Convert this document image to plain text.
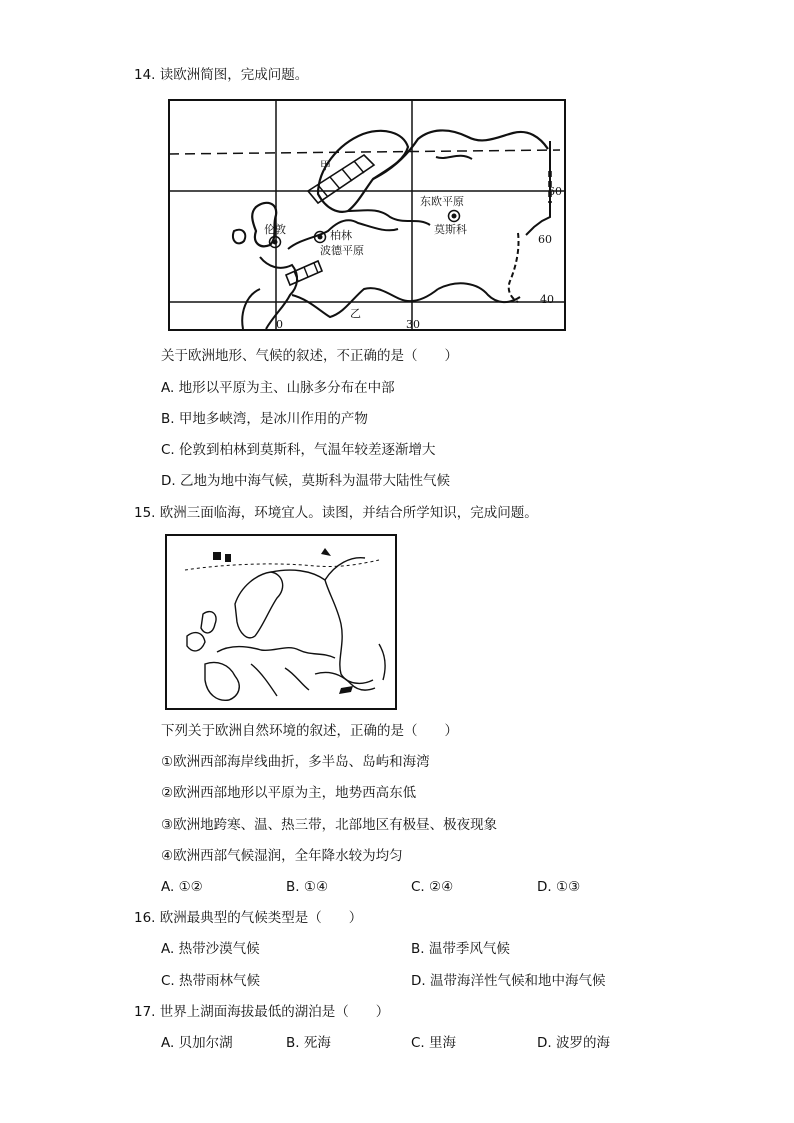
14. 读欧洲简图，完成问题。
甲
乙
伦敦	柏林
波德平原
东欧平原
莫斯科
0	30
60
60
40
关于欧洲地形、气候的叙述，不正确的是（　　）
A. 地形以平原为主、山脉多分布在中部
B. 甲地多峡湾，是冰川作用的产物
C. 伦敦到柏林到莫斯科，气温年较差逐渐增大
D. 乙地为地中海气候，莫斯科为温带大陆性气候
15. 欧洲三面临海，环境宜人。读图，并结合所学知识，完成问题。
下列关于欧洲自然环境的叙述，正确的是（　　）
①欧洲西部海岸线曲折，多半岛、岛屿和海湾
②欧洲西部地形以平原为主，地势西高东低
③欧洲地跨寒、温、热三带，北部地区有极昼、极夜现象
④欧洲西部气候湿润，全年降水较为均匀
A. ①②	B. ①④	C. ②④	D. ①③
16. 欧洲最典型的气候类型是（　　）
A. 热带沙漠气候	B. 温带季风气候
C. 热带雨林气候	D. 温带海洋性气候和地中海气候
17. 世界上湖面海拔最低的湖泊是（　　）
A. 贝加尔湖	B. 死海	C. 里海	D. 波罗的海
